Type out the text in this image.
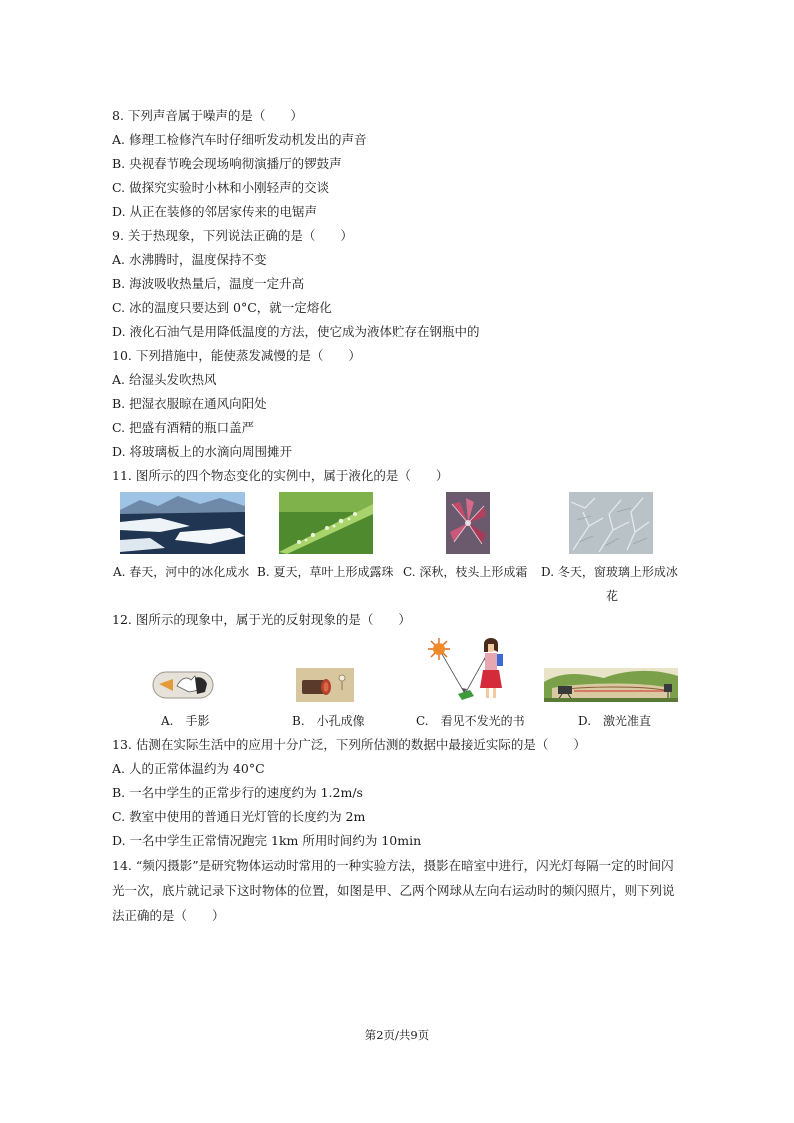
8. 下列声音属于噪声的是（　　）
A. 修理工检修汽车时仔细听发动机发出的声音
B. 央视春节晚会现场响彻演播厅的锣鼓声
C. 做探究实验时小林和小刚轻声的交谈
D. 从正在装修的邻居家传来的电锯声
9. 关于热现象，下列说法正确的是（　　）
A. 水沸腾时，温度保持不变
B. 海波吸收热量后，温度一定升高
C. 冰的温度只要达到 0°C，就一定熔化
D. 液化石油气是用降低温度的方法，使它成为液体贮存在钢瓶中的
10. 下列措施中，能使蒸发减慢的是（　　）
A. 给湿头发吹热风
B. 把湿衣服晾在通风向阳处
C. 把盛有酒精的瓶口盖严
D. 将玻璃板上的水滴向周围摊开
11. 图所示的四个物态变化的实例中，属于液化的是（　　）
A. 春天，河中的冰化成水 B. 夏天，草叶上形成露珠 C. 深秋，枝头上形成霜 D. 冬天，窗玻璃上形成冰
花
12. 图所示的现象中，属于光的反射现象的是（　　）
A.　手影	B.　小孔成像	C.　看见不发光的书	D.　激光准直
13. 估测在实际生活中的应用十分广泛，下列所估测的数据中最接近实际的是（　　）
A. 人的正常体温约为 40°C
B. 一名中学生的正常步行的速度约为 1.2m/s
C. 教室中使用的普通日光灯管的长度约为 2m
D. 一名中学生正常情况跑完 1km 所用时间约为 10min
14. “频闪摄影”是研究物体运动时常用的一种实验方法，摄影在暗室中进行，闪光灯每隔一定的时间闪光一次，底片就记录下这时物体的位置，如图是甲、乙两个网球从左向右运动时的频闪照片，则下列说法正确的是（　　）
第2页/共9页
